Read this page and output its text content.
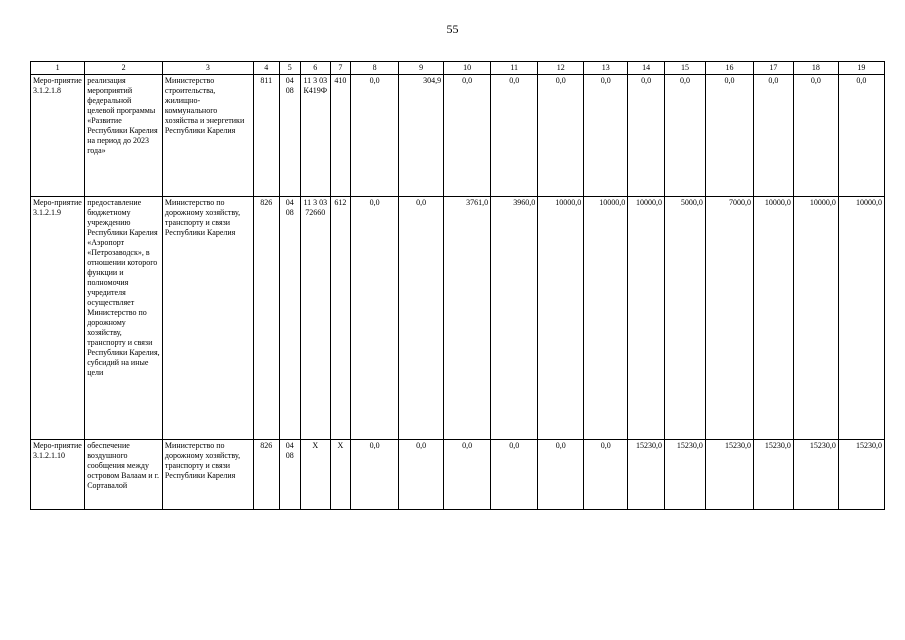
55
1	2	3	4	5	6	7	8	9	10	11	12	13	14	15	16	17	18	19
Меро-приятие 3.1.2.1.8	реализация мероприятий федеральной целевой программы «Развитие Республики Карелия на период до 2023 года»	Министерство строительства, жилищно-коммунального хозяйства и энергетики Республики Карелия	811	04 08	11 3 03 К419Ф	410	0,0	304,9	0,0	0,0	0,0	0,0	0,0	0,0	0,0	0,0	0,0	0,0
Меро-приятие 3.1.2.1.9	предоставление бюджетному учреждению Республики Карелия «Аэропорт «Петрозаводск», в отношении которого функции и полномочия учредителя осуществляет Министерство по дорожному хозяйству, транспорту и связи Республики Карелия, субсидий на иные цели	Министерство по дорожному хозяйству, транспорту и связи Республики Карелия	826	04 08	11 3 03 72660	612	0,0	0,0	3761,0	3960,0	10000,0	10000,0	10000,0	5000,0	7000,0	10000,0	10000,0	10000,0
Меро-приятие 3.1.2.1.10	обеспечение воздушного сообщения между островом Валаам и г. Сортавалой	Министерство по дорожному хозяйству, транспорту и связи Республики Карелия	826	04 08	Х	Х	0,0	0,0	0,0	0,0	0,0	0,0	15230,0	15230,0	15230,0	15230,0	15230,0	15230,0
